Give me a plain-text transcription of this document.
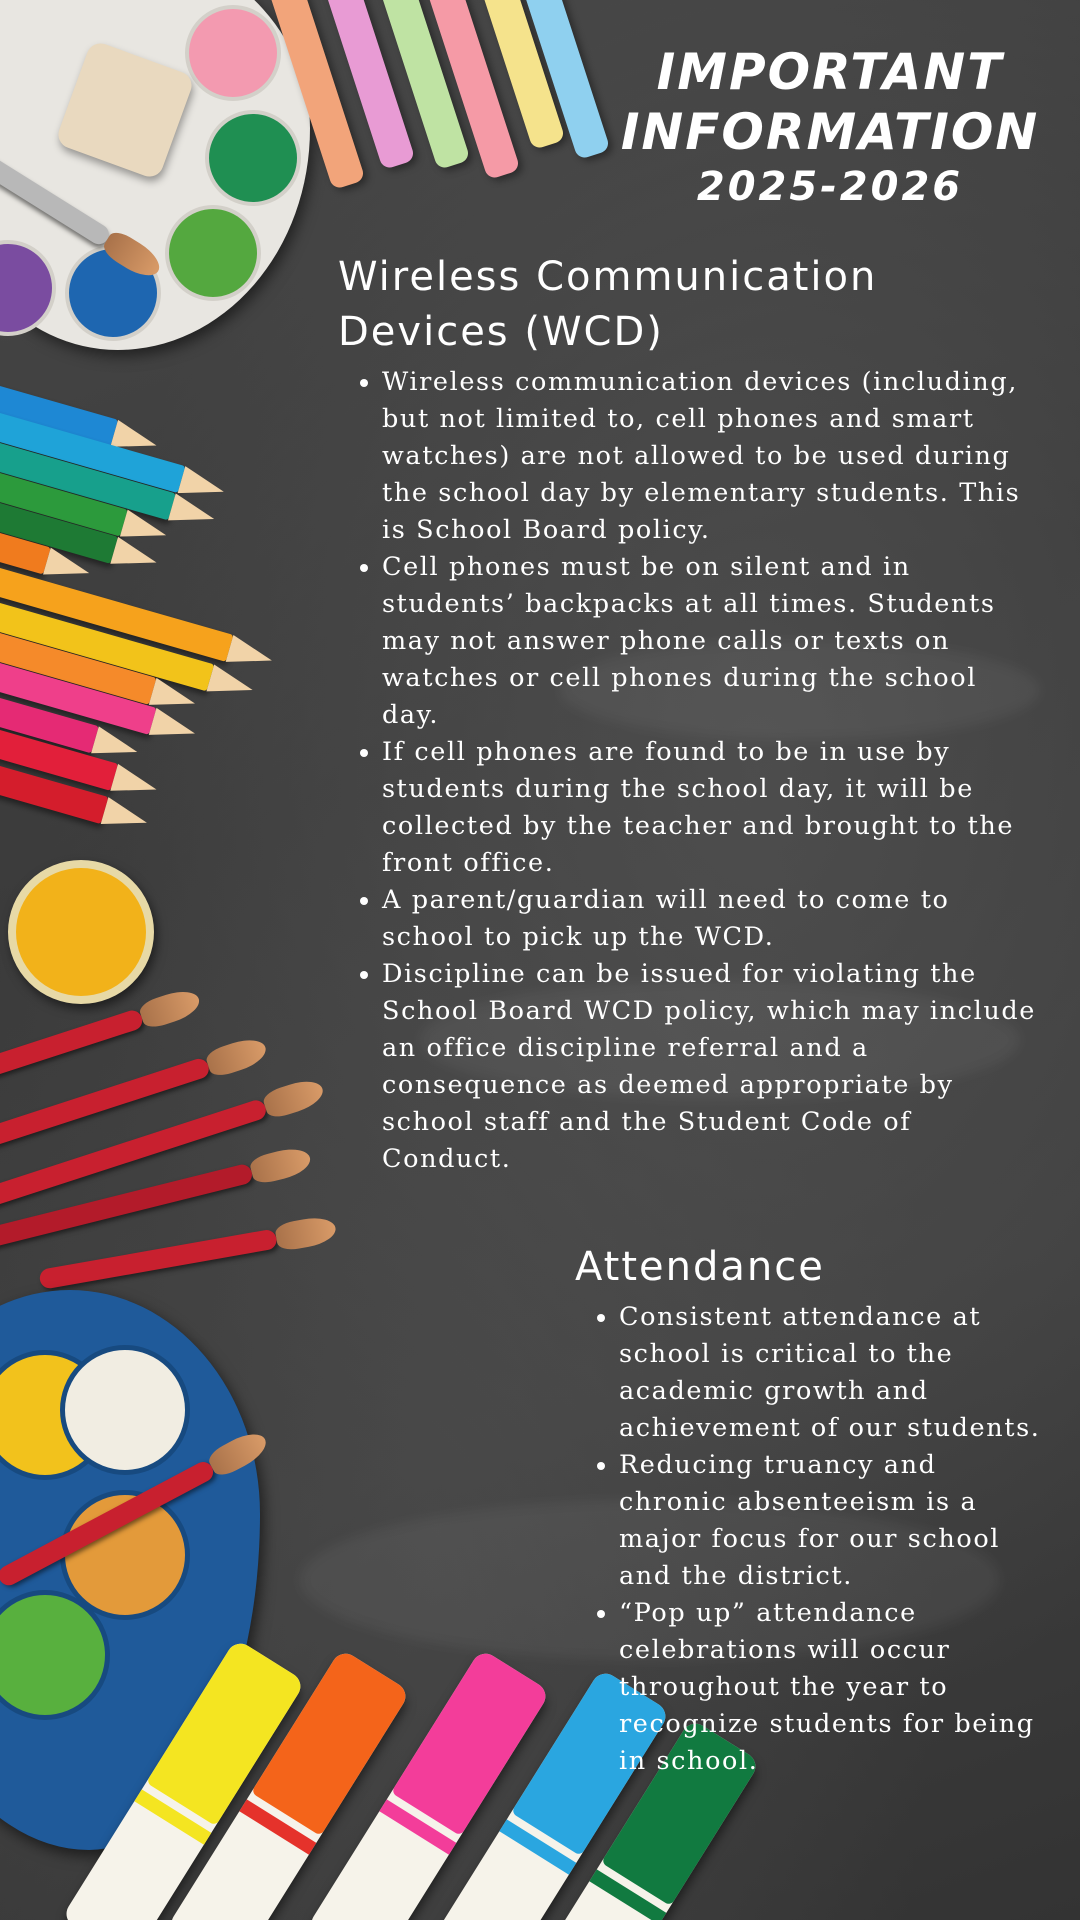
IMPORTANT
INFORMATION
2025-2026
Wireless Communication
Devices (WCD)
• Wireless communication devices (including, but not limited to, cell phones and smart watches) are not allowed to be used during the school day by elementary students. This is School Board policy.
• Cell phones must be on silent and in students’ backpacks at all times. Students may not answer phone calls or texts on watches or cell phones during the school day.
• If cell phones are found to be in use by students during the school day, it will be collected by the teacher and brought to the front office.
• A parent/guardian will need to come to school to pick up the WCD.
• Discipline can be issued for violating the School Board WCD policy, which may include an office discipline referral and a consequence as deemed appropriate by school staff and the Student Code of Conduct.
Attendance
• Consistent attendance at school is critical to the academic growth and achievement of our students.
• Reducing truancy and chronic absenteeism is a major focus for our school and the district.
• “Pop up” attendance celebrations will occur throughout the year to recognize students for being in school.
